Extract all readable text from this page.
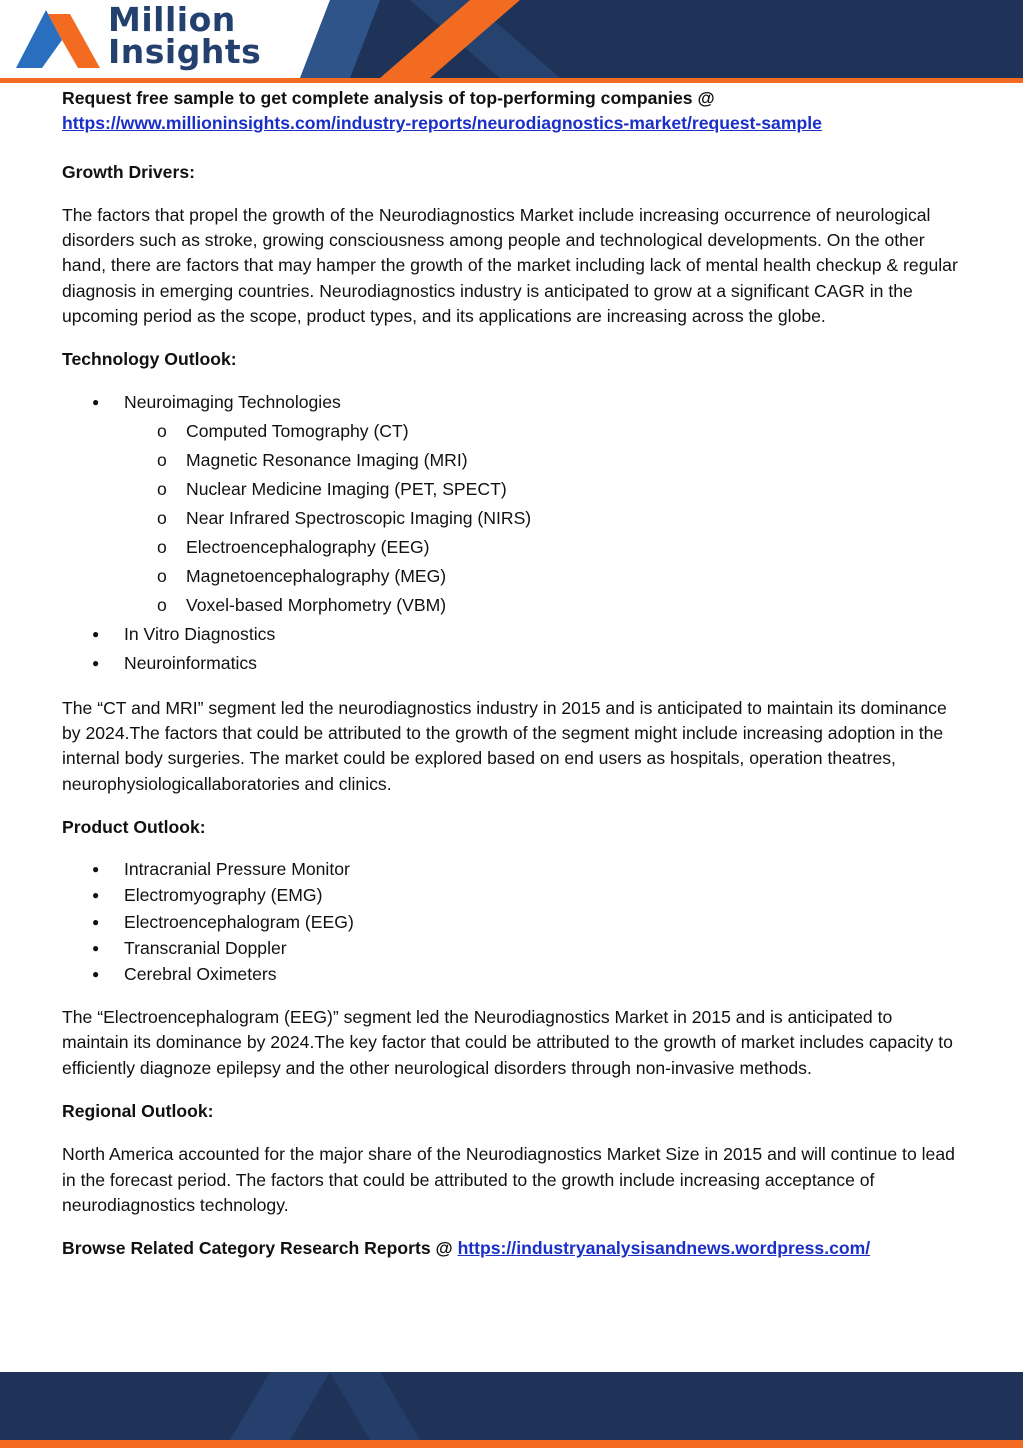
Million
Insights

Request free sample to get complete analysis of top-performing companies @

https://www.millioninsights.com/industry-reports/neurodiagnostics-market/request-sample

Growth Drivers:

The factors that propel the growth of the Neurodiagnostics Market include increasing occurrence of neurological disorders such as stroke, growing consciousness among people and technological developments. On the other hand, there are factors that may hamper the growth of the market including lack of mental health checkup & regular diagnosis in emerging countries. Neurodiagnostics industry is anticipated to grow at a significant CAGR in the upcoming period as the scope, product types, and its applications are increasing across the globe.

Technology Outlook:

● Neuroimaging Technologies
o Computed Tomography (CT)
o Magnetic Resonance Imaging (MRI)
o Nuclear Medicine Imaging (PET, SPECT)
o Near Infrared Spectroscopic Imaging (NIRS)
o Electroencephalography (EEG)
o Magnetoencephalography (MEG)
o Voxel-based Morphometry (VBM)
● In Vitro Diagnostics
● Neuroinformatics

The “CT and MRI” segment led the neurodiagnostics industry in 2015 and is anticipated to maintain its dominance by 2024.The factors that could be attributed to the growth of the segment might include increasing adoption in the internal body surgeries. The market could be explored based on end users as hospitals, operation theatres, neurophysiologicallaboratories and clinics.

Product Outlook:

● Intracranial Pressure Monitor
● Electromyography (EMG)
● Electroencephalogram (EEG)
● Transcranial Doppler
● Cerebral Oximeters

The “Electroencephalogram (EEG)” segment led the Neurodiagnostics Market in 2015 and is anticipated to maintain its dominance by 2024.The key factor that could be attributed to the growth of market includes capacity to efficiently diagnoze epilepsy and the other neurological disorders through non-invasive methods.

Regional Outlook:

North America accounted for the major share of the Neurodiagnostics Market Size in 2015 and will continue to lead in the forecast period. The factors that could be attributed to the growth include increasing acceptance of neurodiagnostics technology.

Browse Related Category Research Reports @ https://industryanalysisandnews.wordpress.com/
